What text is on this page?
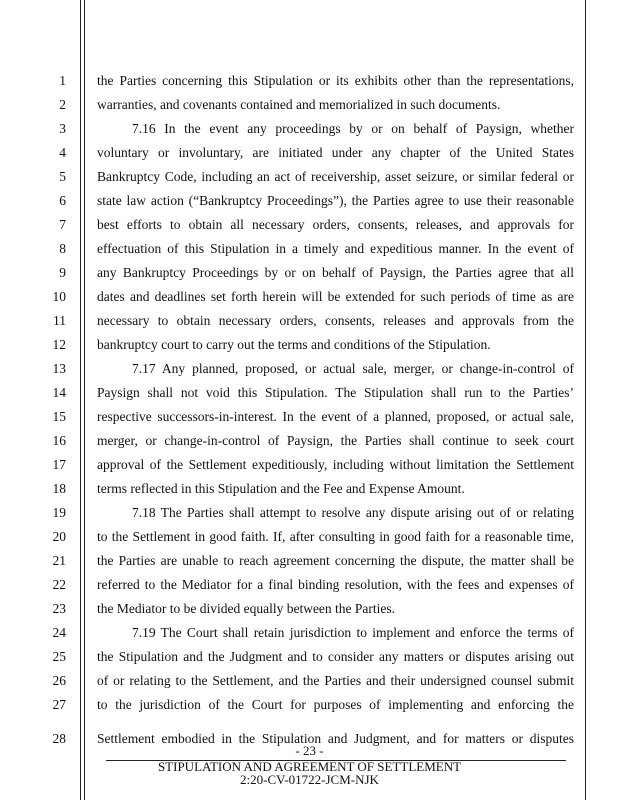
1
2
3
4
5
6
7
8
9
10
11
12
13
14
15
16
17
18
19
20
21
22
23
24
25
26
27
28
the Parties concerning this Stipulation or its exhibits other than the representations,
warranties, and covenants contained and memorialized in such documents.
7.16 In the event any proceedings by or on behalf of Paysign, whether
voluntary or involuntary, are initiated under any chapter of the United States
Bankruptcy Code, including an act of receivership, asset seizure, or similar federal or
state law action (“Bankruptcy Proceedings”), the Parties agree to use their reasonable
best efforts to obtain all necessary orders, consents, releases, and approvals for
effectuation of this Stipulation in a timely and expeditious manner. In the event of
any Bankruptcy Proceedings by or on behalf of Paysign, the Parties agree that all
dates and deadlines set forth herein will be extended for such periods of time as are
necessary to obtain necessary orders, consents, releases and approvals from the
bankruptcy court to carry out the terms and conditions of the Stipulation.
7.17 Any planned, proposed, or actual sale, merger, or change-in-control of
Paysign shall not void this Stipulation. The Stipulation shall run to the Parties’
respective successors-in-interest. In the event of a planned, proposed, or actual sale,
merger, or change-in-control of Paysign, the Parties shall continue to seek court
approval of the Settlement expeditiously, including without limitation the Settlement
terms reflected in this Stipulation and the Fee and Expense Amount.
7.18 The Parties shall attempt to resolve any dispute arising out of or relating
to the Settlement in good faith. If, after consulting in good faith for a reasonable time,
the Parties are unable to reach agreement concerning the dispute, the matter shall be
referred to the Mediator for a final binding resolution, with the fees and expenses of
the Mediator to be divided equally between the Parties.
7.19 The Court shall retain jurisdiction to implement and enforce the terms of
the Stipulation and the Judgment and to consider any matters or disputes arising out
of or relating to the Settlement, and the Parties and their undersigned counsel submit
to the jurisdiction of the Court for purposes of implementing and enforcing the
Settlement embodied in the Stipulation and Judgment, and for matters or disputes
- 23 -
STIPULATION AND AGREEMENT OF SETTLEMENT
2:20-CV-01722-JCM-NJK
